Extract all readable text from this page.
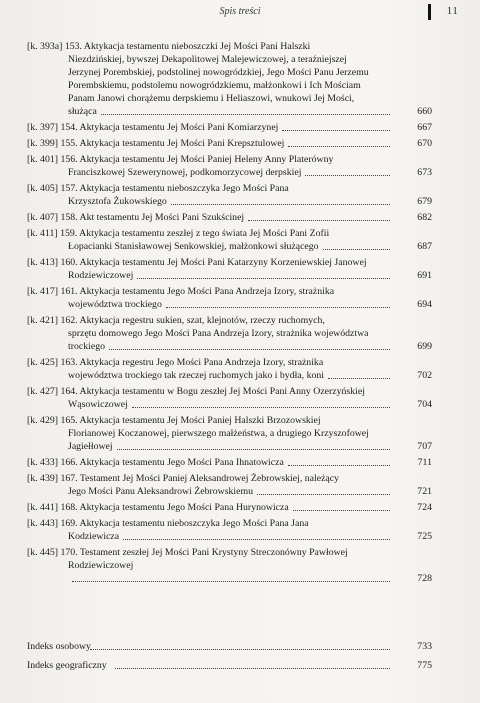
Spis treści	11
[k. 393a] 153. Aktykacja testamentu nieboszczki Jej Mości Pani Halszki
Niezdzińskiej, bywszej Dekapolitowej Malejewiczowej, a teraźniejszej
Jerzynej Porembskiej, podstolinej nowogródzkiej, Jego Mości Panu Jerzemu
Porembskiemu, podstolemu nowogródzkiemu, małżonkowi i Ich Mościam
Panam Janowi chorążemu derpskiemu i Heliaszowi, wnukowi Jej Mości,
służąca	660
[k. 397] 154. Aktykacja testamentu Jej Mości Pani Komiarzynej	667
[k. 399] 155. Aktykacja testamentu Jej Mości Pani Krepsztulowej	670
[k. 401] 156. Aktykacja testamentu Jej Mości Paniej Heleny Anny Platerówny
Franciszkowej Szewerynowej, podkomorzycowej derpskiej	673
[k. 405] 157. Aktykacja testamentu nieboszczyka Jego Mości Pana
Krzysztofa Żukowskiego	679
[k. 407] 158. Akt testamentu Jej Mości Pani Szukścinej	682
[k. 411] 159. Aktykacja testamentu zeszłej z tego świata Jej Mości Pani Zofii
Łopacianki Stanisławowej Senkowskiej, małżonkowi służącego	687
[k. 413] 160. Aktykacja testamentu Jej Mości Pani Katarzyny Korzeniewskiej Janowej
Rodziewiczowej	691
[k. 417] 161. Aktykacja testamentu Jego Mości Pana Andrzeja Izory, strażnika
województwa trockiego	694
[k. 421] 162. Aktykacja regestru sukien, szat, klejnotów, rzeczy ruchomych,
sprzętu domowego Jego Mości Pana Andrzeja Izory, strażnika województwa
trockiego	699
[k. 425] 163. Aktykacja regestru Jego Mości Pana Andrzeja Izory, strażnika
województwa trockiego tak rzeczej ruchomych jako i bydła, koni	702
[k. 427] 164. Aktykacja testamentu w Bogu zeszłej Jej Mości Pani Anny Ozerzyńskiej
Wąsowiczowej	704
[k. 429] 165. Aktykacja testamentu Jej Mości Paniej Halszki Brzozowskiej
Florianowej Koczanowej, pierwszego małżeństwa, a drugiego Krzyszofowej
Jagiełłowej	707
[k. 433] 166. Aktykacja testamentu Jego Mości Pana Ihnatowicza	711
[k. 439] 167. Testament Jej Mości Paniej Aleksandrowej Żebrowskiej, należący
Jego Mości Panu Aleksandrowi Żebrowskiemu	721
[k. 441] 168. Aktykacja testamentu Jego Mości Pana Hurynowicza	724
[k. 443] 169. Aktykacja testamentu nieboszczyka Jego Mości Pana Jana
Kodziewicza	725
[k. 445] 170. Testament zeszłej Jej Mości Pani Krystyny Streczonówny Pawłowej
Rodziewiczowej
728
Indeks osobowy	733
Indeks geograficzny	775
